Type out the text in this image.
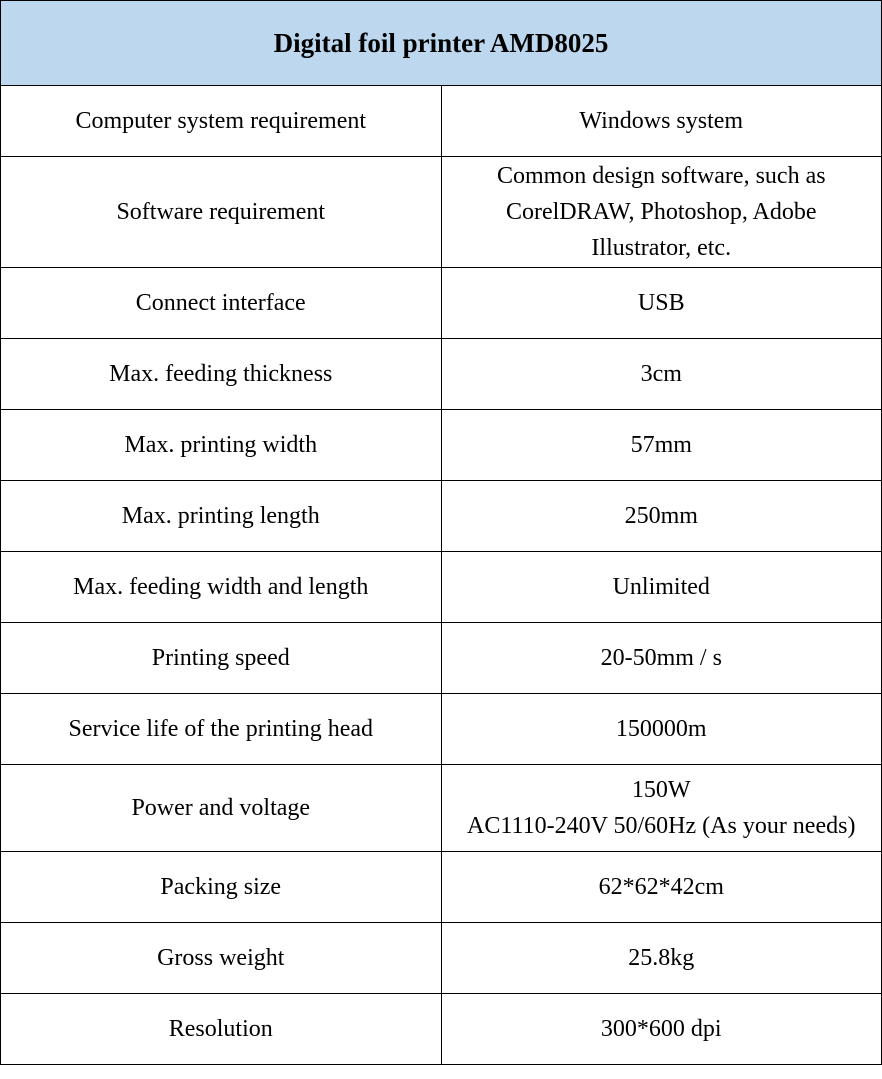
Digital foil printer AMD8025	
Computer system requirement	Windows system

Software requirement	Common design software, such as
CorelDRAW, Photoshop, Adobe
Illustrator, etc.

Connect interface	USB

Max. feeding thickness	3cm

Max. printing width	57mm

Max. printing length	250mm

Max. feeding width and length	Unlimited

Printing speed	20-50mm / s

Service life of the printing head	150000m

Power and voltage	150W
AC1110-240V 50/60Hz (As your needs)

Packing size	62*62*42cm

Gross weight	25.8kg

Resolution	300*600 dpi
